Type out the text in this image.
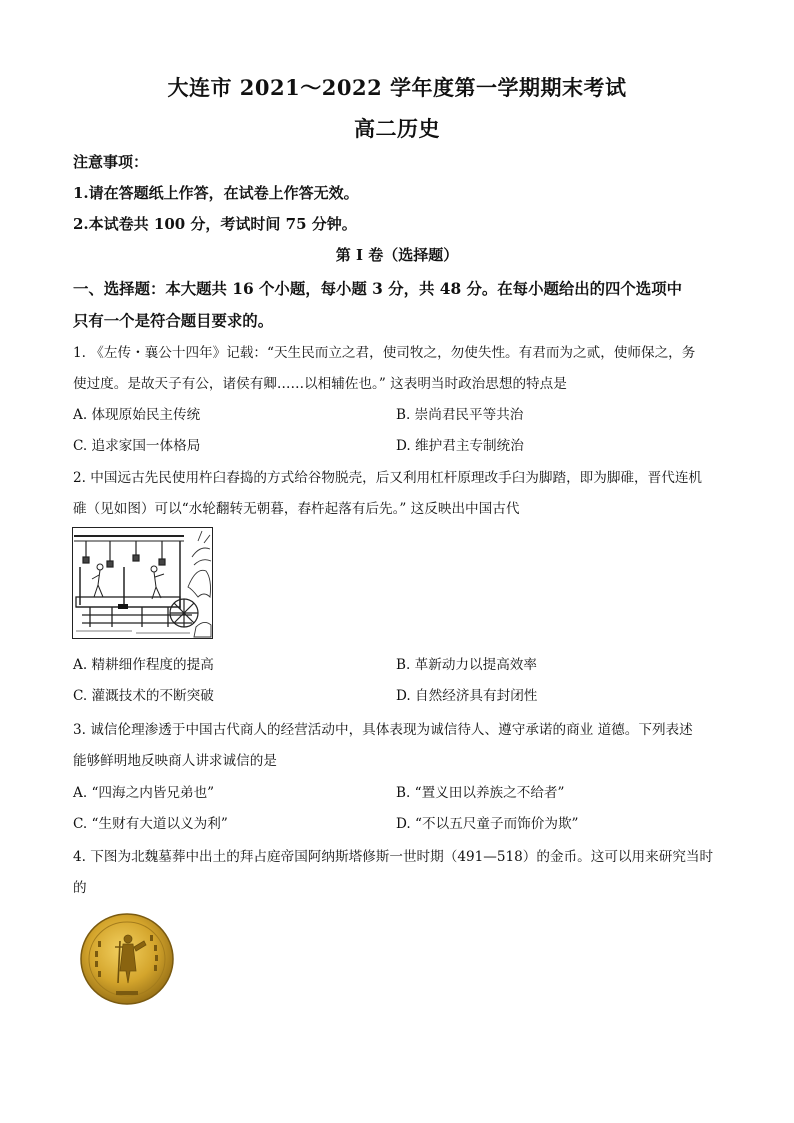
大连市 2021～2022 学年度第一学期期末考试
高二历史
注意事项：
1.请在答题纸上作答，在试卷上作答无效。
2.本试卷共 100 分，考试时间 75 分钟。
第 I 卷（选择题）
一、选择题：本大题共 16 个小题，每小题 3 分，共 48 分。在每小题给出的四个选项中
只有一个是符合题目要求的。
1. 《左传・襄公十四年》记载：“天生民而立之君，使司牧之，勿使失性。有君而为之贰，使师保之，务
使过度。是故天子有公，诸侯有卿……以相辅佐也。” 这表明当时政治思想的特点是
A. 体现原始民主传统	B. 崇尚君民平等共治
C. 追求家国一体格局	D. 维护君主专制统治
2. 中国远古先民使用杵臼舂捣的方式给谷物脱壳，后又利用杠杆原理改手臼为脚踏，即为脚碓，晋代连机
碓（见如图）可以“水轮翻转无朝暮，舂杵起落有后先。” 这反映出中国古代
A. 精耕细作程度的提高	B. 革新动力以提高效率
C. 灌溉技术的不断突破	D. 自然经济具有封闭性
3. 诚信伦理渗透于中国古代商人的经营活动中，具体表现为诚信待人、遵守承诺的商业 道德。下列表述
能够鲜明地反映商人讲求诚信的是
A. “四海之内皆兄弟也”	B. “置义田以养族之不给者”
C. “生财有大道以义为利”	D. “不以五尺童子而饰价为欺”
4. 下图为北魏墓葬中出土的拜占庭帝国阿纳斯塔修斯一世时期（491—518）的金币。这可以用来研究当时
的
